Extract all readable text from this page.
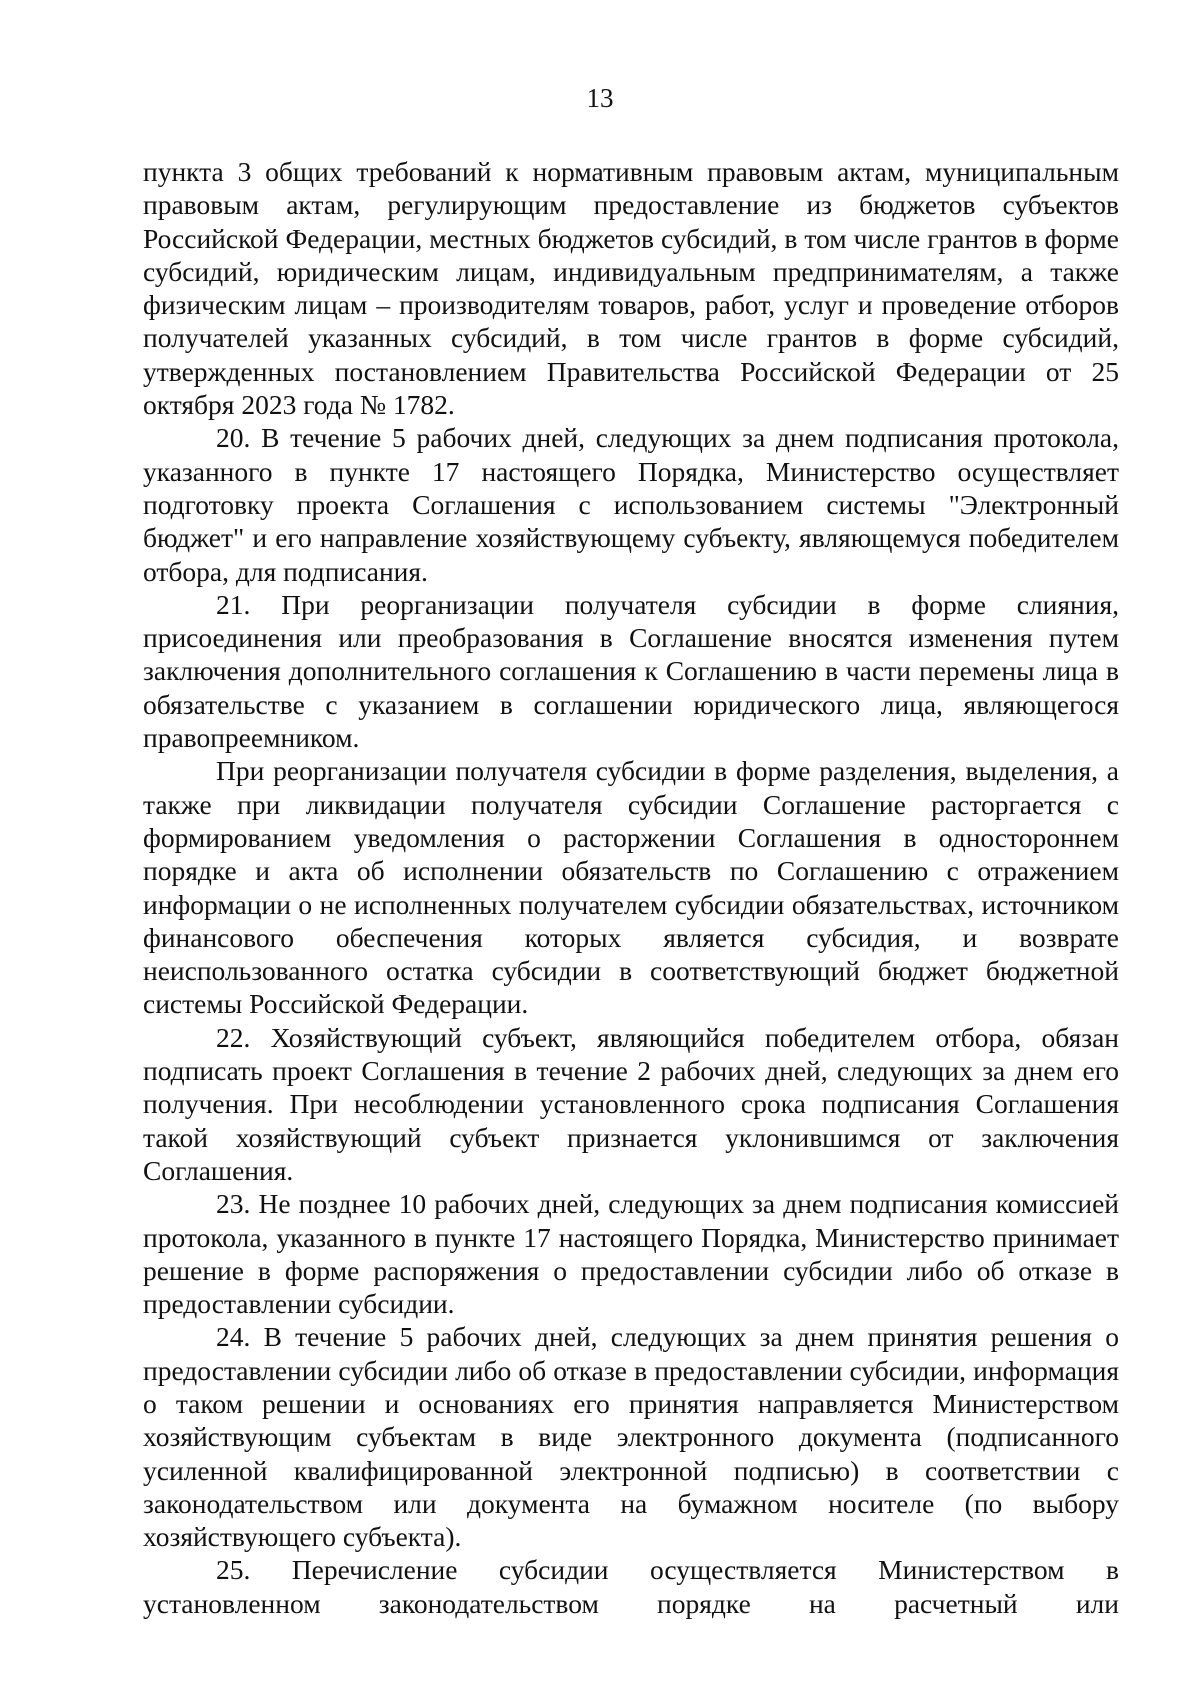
13

пункта 3 общих требований к нормативным правовым актам, муниципальным правовым актам, регулирующим предоставление из бюджетов субъектов Российской Федерации, местных бюджетов субсидий, в том числе грантов в форме субсидий, юридическим лицам, индивидуальным предпринимателям, а также физическим лицам – производителям товаров, работ, услуг и проведение отборов получателей указанных субсидий, в том числе грантов в форме субсидий, утвержденных постановлением Правительства Российской Федерации от 25 октября 2023 года № 1782.

20. В течение 5 рабочих дней, следующих за днем подписания протокола, указанного в пункте 17 настоящего Порядка, Министерство осуществляет подготовку проекта Соглашения с использованием системы "Электронный бюджет" и его направление хозяйствующему субъекту, являющемуся победителем отбора, для подписания.

21. При реорганизации получателя субсидии в форме слияния, присоединения или преобразования в Соглашение вносятся изменения путем заключения дополнительного соглашения к Соглашению в части перемены лица в обязательстве с указанием в соглашении юридического лица, являющегося правопреемником.

При реорганизации получателя субсидии в форме разделения, выделения, а также при ликвидации получателя субсидии Соглашение расторгается с формированием уведомления о расторжении Соглашения в одностороннем порядке и акта об исполнении обязательств по Соглашению с отражением информации о не исполненных получателем субсидии обязательствах, источником финансового обеспечения которых является субсидия, и возврате неиспользованного остатка субсидии в соответствующий бюджет бюджетной системы Российской Федерации.

22. Хозяйствующий субъект, являющийся победителем отбора, обязан подписать проект Соглашения в течение 2 рабочих дней, следующих за днем его получения. При несоблюдении установленного срока подписания Соглашения такой хозяйствующий субъект признается уклонившимся от заключения Соглашения.

23. Не позднее 10 рабочих дней, следующих за днем подписания комиссией протокола, указанного в пункте 17 настоящего Порядка, Министерство принимает решение в форме распоряжения о предоставлении субсидии либо об отказе в предоставлении субсидии.

24. В течение 5 рабочих дней, следующих за днем принятия решения о предоставлении субсидии либо об отказе в предоставлении субсидии, информация о таком решении и основаниях его принятия направляется Министерством хозяйствующим субъектам в виде электронного документа (подписанного усиленной квалифицированной электронной подписью) в соответствии с законодательством или документа на бумажном носителе (по выбору хозяйствующего субъекта).

25. Перечисление субсидии осуществляется Министерством в установленном законодательством порядке на расчетный или
